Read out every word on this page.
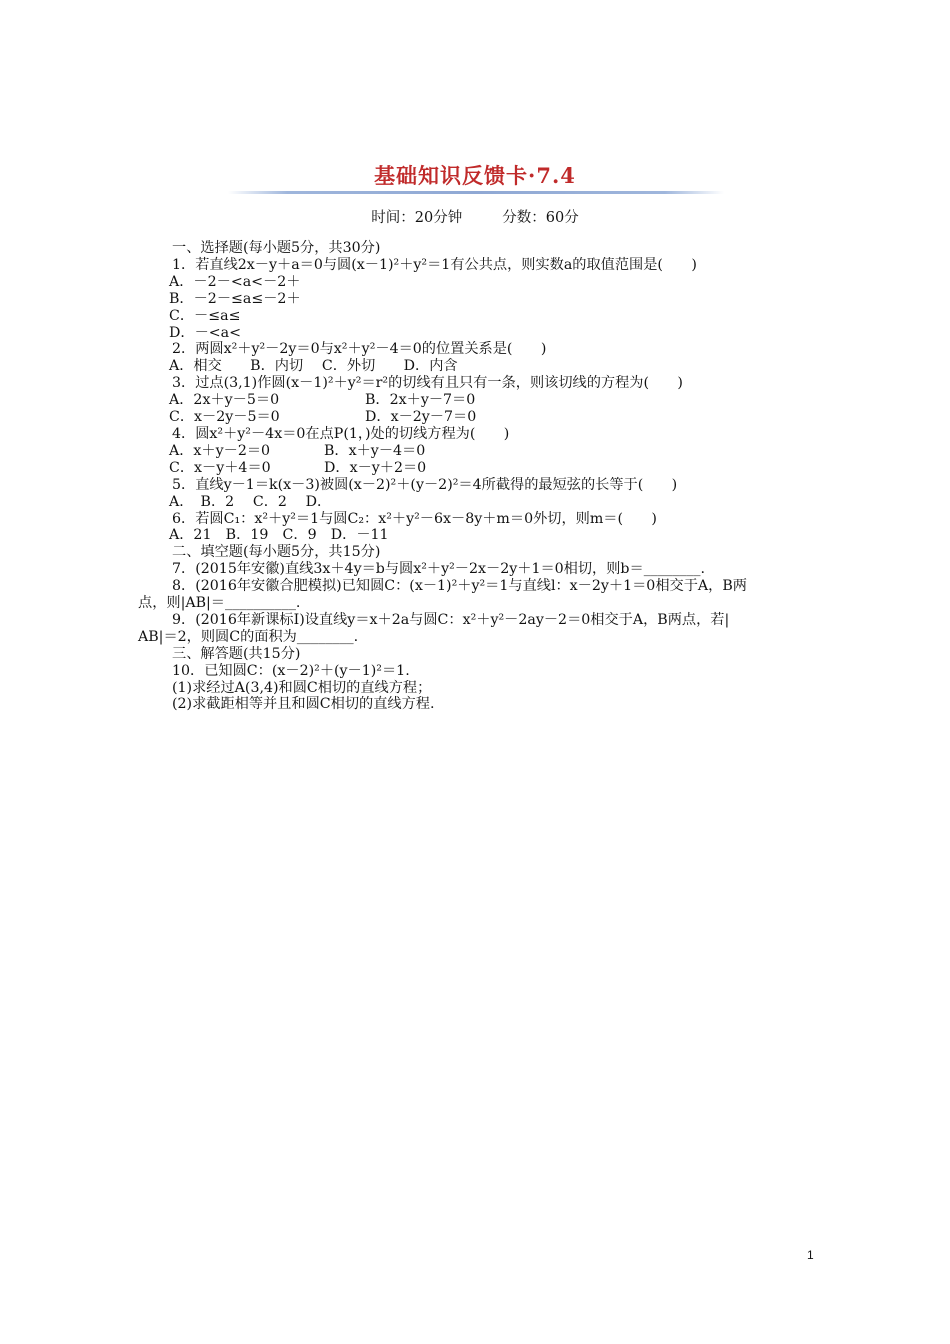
基础知识反馈卡·7.4
时间：20分钟	分数：60分
一、选择题(每小题5分，共30分)
1．若直线2x－y＋a＝0与圆(x－1)²＋y²＝1有公共点，则实数a的取值范围是(　　)
A．－2－<a<－2＋
B．－2－≤a≤－2＋
C．－≤a≤
D．－<a<
2．两圆x²＋y²－2y＝0与x²＋y²－4＝0的位置关系是(　　)
A．相交　　B．内切　 C．外切　　D．内含
3．过点(3,1)作圆(x－1)²＋y²＝r²的切线有且只有一条，则该切线的方程为(　　)
A．2x＋y－5＝0	B．2x＋y－7＝0
C．x－2y－5＝0	D．x－2y－7＝0
4．圆x²＋y²－4x＝0在点P(1，)处的切线方程为(　　)
A．x＋y－2＝0	B．x＋y－4＝0
C．x－y＋4＝0	D．x－y＋2＝0
5．直线y－1＝k(x－3)被圆(x－2)²＋(y－2)²＝4所截得的最短弦的长等于(　　)
A．　B．2　 C．2　 D．
6．若圆C₁：x²＋y²＝1与圆C₂：x²＋y²－6x－8y＋m＝0外切，则m＝(　　)
A．21　B．19　C．9　D．－11
二、填空题(每小题5分，共15分)
7．(2015年安徽)直线3x＋4y＝b与圆x²＋y²－2x－2y＋1＝0相切，则b＝________.
8．(2016年安徽合肥模拟)已知圆C：(x－1)²＋y²＝1与直线l：x－2y＋1＝0相交于A，B两
点，则|AB|＝__________.
9．(2016年新课标Ⅰ)设直线y＝x＋2a与圆C：x²＋y²－2ay－2＝0相交于A，B两点，若|
AB|＝2，则圆C的面积为________.
三、解答题(共15分)
10．已知圆C：(x－2)²＋(y－1)²＝1.
(1)求经过A(3,4)和圆C相切的直线方程；
(2)求截距相等并且和圆C相切的直线方程.
1
